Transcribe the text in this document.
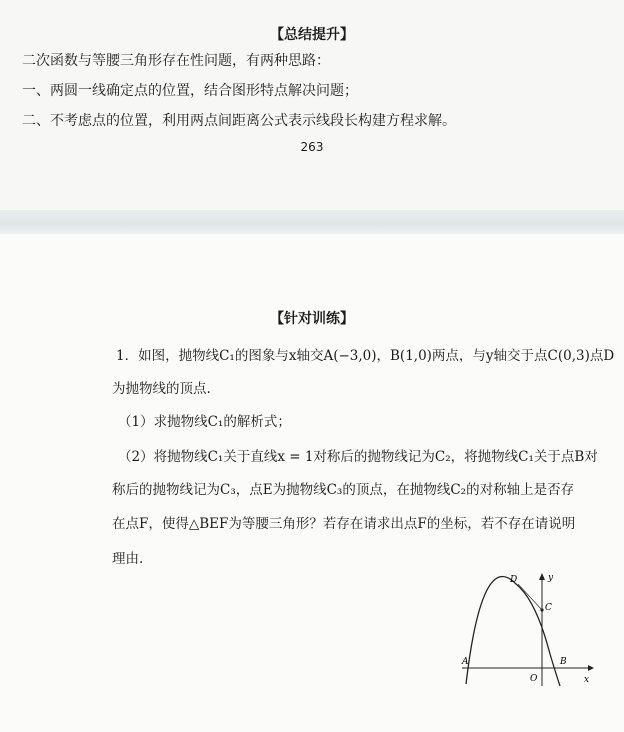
【总结提升】
二次函数与等腰三角形存在性问题，有两种思路：
一、两圆一线确定点的位置，结合图形特点解决问题；
二、不考虑点的位置，利用两点间距离公式表示线段长构建方程求解。
263
【针对训练】
1．如图，抛物线C₁的图象与x轴交A(−3,0)，B(1,0)两点，与y轴交于点C(0,3)点D
为抛物线的顶点.
（1）求抛物线C₁的解析式；
（2）将抛物线C₁关于直线x = 1对称后的抛物线记为C₂，将抛物线C₁关于点B对
称后的抛物线记为C₃，点E为抛物线C₃的顶点，在抛物线C₂的对称轴上是否存
在点F，使得△BEF为等腰三角形？若存在请求出点F的坐标，若不存在请说明
理由.
D	y
C
A	B
O	x
